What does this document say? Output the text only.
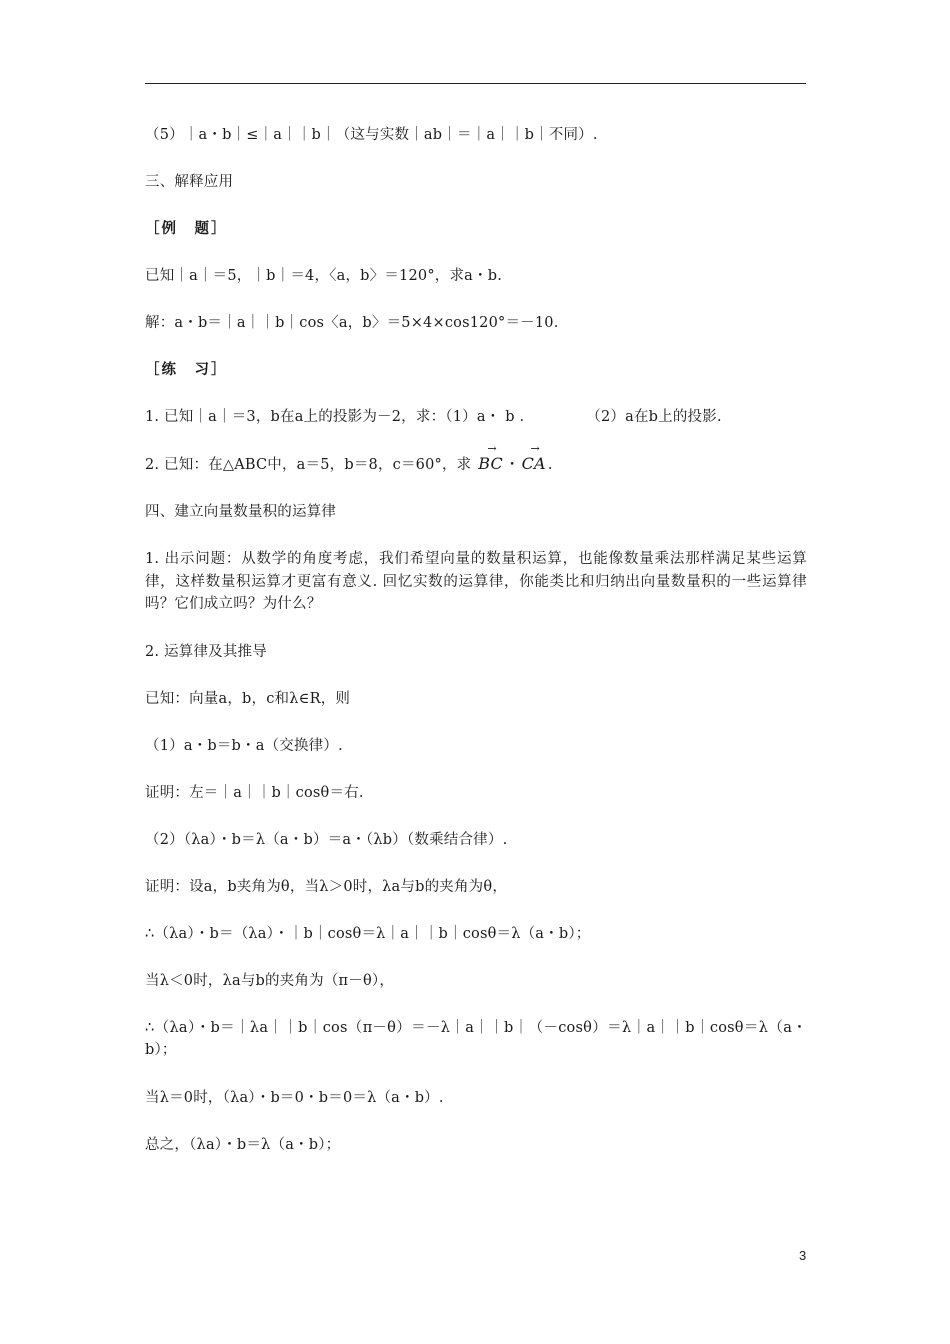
（5）｜a・b｜≤｜a｜｜b｜（这与实数｜ab｜＝｜a｜｜b｜不同）.
三、解释应用
［例　题］
已知｜a｜＝5，｜b｜＝4，〈a，b〉＝120°，求a・b.
解：a・b＝｜a｜｜b｜cos〈a，b〉＝5×4×cos120°＝－10.
［练　习］
1. 已知｜a｜＝3，b在a上的投影为－2，求：（1）a・ b .	（2）a在b上的投影.
2. 已知：在△ABC中，a＝5，b＝8，c＝60°，求
→
BC ・
→
CA .
四、建立向量数量积的运算律
1. 出示问题：从数学的角度考虑，我们希望向量的数量积运算，也能像数量乘法那样满足某些运算律，这样数量积运算才更富有意义. 回忆实数的运算律，你能类比和归纳出向量数量积的一些运算律吗？它们成立吗？为什么？
2. 运算律及其推导
已知：向量a，b，c和λ∈R，则
（1）a・b＝b・a（交换律）.
证明：左＝｜a｜｜b｜cosθ＝右.
（2）（λa）・b＝λ（a・b）＝a・（λb）（数乘结合律）.
证明：设a，b夹角为θ，当λ＞0时，λa与b的夹角为θ，
∴（λa）・b＝（λa）・｜b｜cosθ＝λ｜a｜｜b｜cosθ＝λ（a・b）；
当λ＜0时，λa与b的夹角为（π－θ），
∴（λa）・b＝｜λa｜｜b｜cos（π－θ）＝－λ｜a｜｜b｜（－cosθ）＝λ｜a｜｜b｜cosθ＝λ（a・b）；
当λ＝0时，（λa）・b＝0・b＝0＝λ（a・b）.
总之，（λa）・b＝λ（a・b）；
3
